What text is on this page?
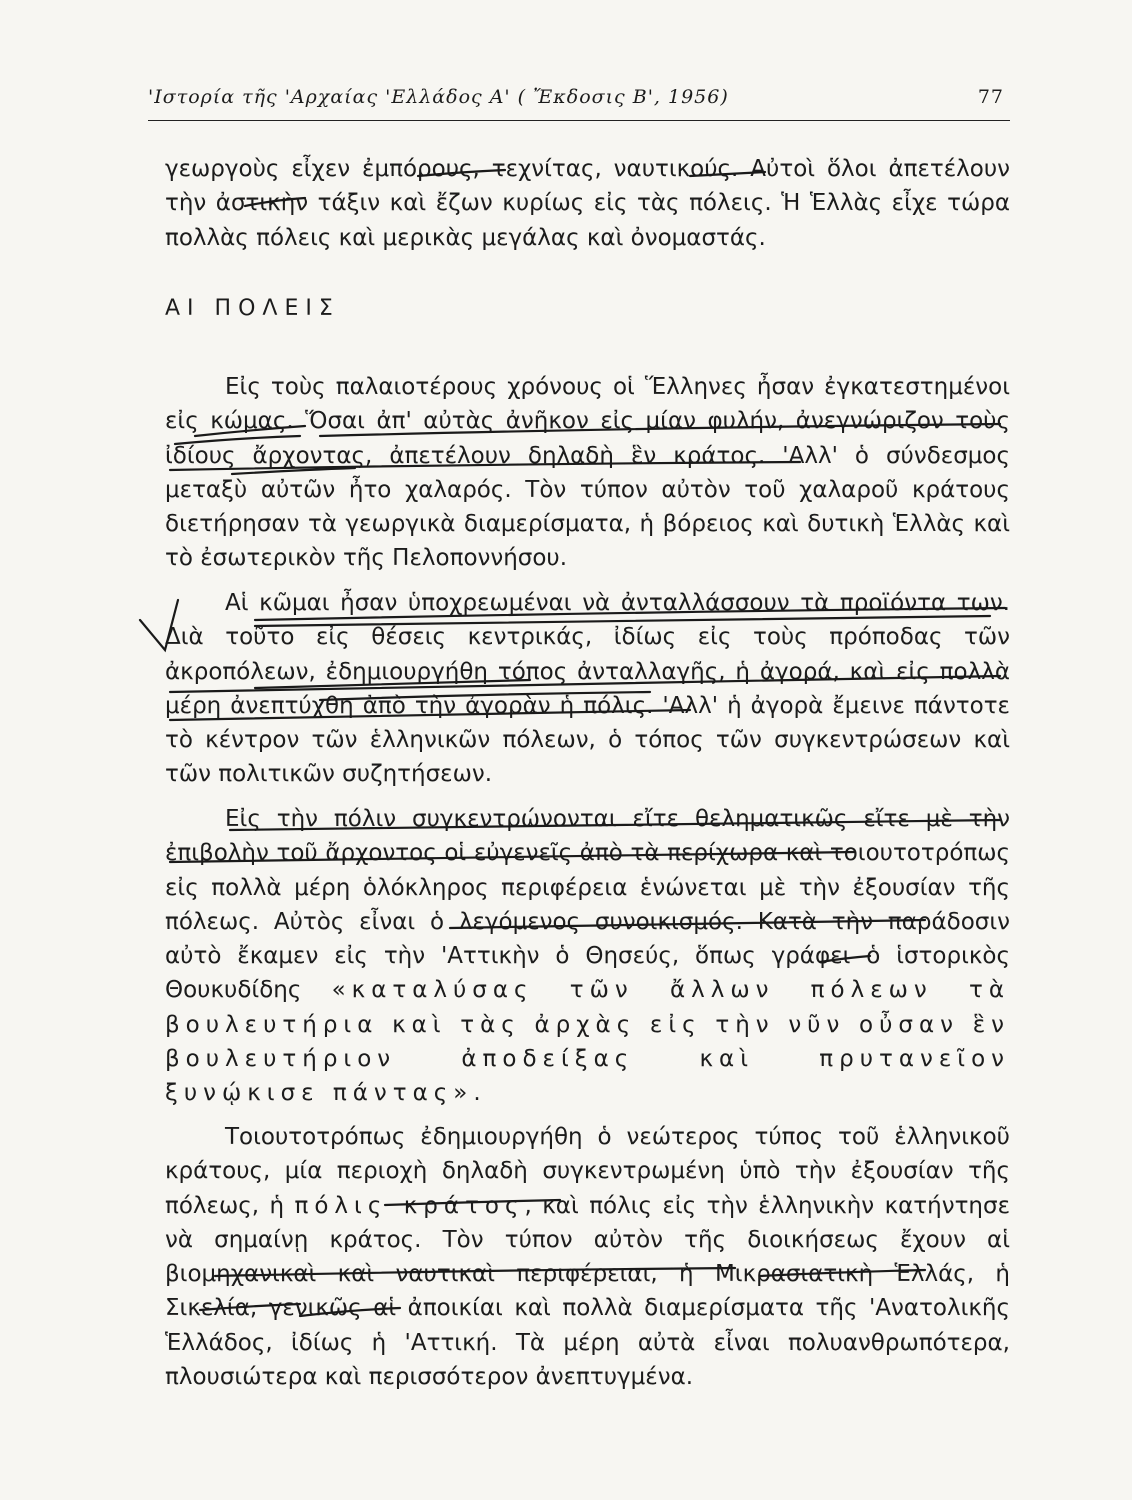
'Ιστορία τῆς 'Αρχαίας 'Ελλάδος Α' ( Ἔκδοσις Β', 1956)	77

γεωργοὺς εἶχεν ἐμπόρους, τεχνίτας, ναυτικούς. Αὐτοὶ ὅλοι ἀπετέλουν τὴν ἀστικὴν τάξιν καὶ ἔζων κυρίως εἰς τὰς πόλεις. Ἡ Ἑλλὰς εἶχε τώρα πολλὰς πόλεις καὶ μερικὰς μεγάλας καὶ ὀνομαστάς.

ΑΙ ΠΟΛΕΙΣ

Εἰς τοὺς παλαιοτέρους χρόνους οἱ Ἕλληνες ἦσαν ἐγκατεστημένοι εἰς κώμας. Ὅσαι ἀπ' αὐτὰς ἀνῆκον εἰς μίαν φυλήν, ἀνεγνώριζον τοὺς ἰδίους ἄρχοντας, ἀπετέλουν δηλαδὴ ἓν κράτος. 'Αλλ' ὁ σύνδεσμος μεταξὺ αὐτῶν ἦτο χαλαρός. Τὸν τύπον αὐτὸν τοῦ χαλαροῦ κράτους διετήρησαν τὰ γεωργικὰ διαμερίσματα, ἡ βόρειος καὶ δυτικὴ Ἑλλὰς καὶ τὸ ἐσωτερικὸν τῆς Πελοποννήσου.

Αἱ κῶμαι ἦσαν ὑποχρεωμέναι νὰ ἀνταλλάσσουν τὰ προϊόντα των. Διὰ τοῦτο εἰς θέσεις κεντρικάς, ἰδίως εἰς τοὺς πρόποδας τῶν ἀκροπόλεων, ἐδημιουργήθη τόπος ἀνταλλαγῆς, ἡ ἀγορά, καὶ εἰς πολλὰ μέρη ἀνεπτύχθη ἀπὸ τὴν ἀγορὰν ἡ πόλις. 'Αλλ' ἡ ἀγορὰ ἔμεινε πάντοτε τὸ κέντρον τῶν ἑλληνικῶν πόλεων, ὁ τόπος τῶν συγκεντρώσεων καὶ τῶν πολιτικῶν συζητήσεων.

Εἰς τὴν πόλιν συγκεντρώνονται εἴτε θεληματικῶς εἴτε μὲ τὴν ἐπιβολὴν τοῦ ἄρχοντος οἱ εὐγενεῖς ἀπὸ τὰ περίχωρα καὶ τοιουτοτρόπως εἰς πολλὰ μέρη ὁλόκληρος περιφέρεια ἑνώνεται μὲ τὴν ἐξουσίαν τῆς πόλεως. Αὐτὸς εἶναι ὁ λεγόμενος συνοικισμός. Κατὰ τὴν παράδοσιν αὐτὸ ἔκαμεν εἰς τὴν 'Αττικὴν ὁ Θησεύς, ὅπως γράφει ὁ ἱστορικὸς Θουκυδίδης «καταλύσας τῶν ἄλλων πόλεων τὰ βουλευτήρια καὶ τὰς ἀρχὰς εἰς τὴν νῦν οὖσαν ἓν βουλευτήριον ἀποδείξας καὶ πρυτανεῖον ξυνῴκισε πάντας».

Τοιουτοτρόπως ἐδημιουργήθη ὁ νεώτερος τύπος τοῦ ἑλληνικοῦ κράτους, μία περιοχὴ δηλαδὴ συγκεντρωμένη ὑπὸ τὴν ἐξουσίαν τῆς πόλεως, ἡ πόλις κράτος, καὶ πόλις εἰς τὴν ἑλληνικὴν κατήντησε νὰ σημαίνῃ κράτος. Τὸν τύπον αὐτὸν τῆς διοικήσεως ἔχουν αἱ βιομηχανικαὶ καὶ ναυτικαὶ περιφέρειαι, ἡ Μικρασιατικὴ Ἑλλάς, ἡ Σικελία, γενικῶς αἱ ἀποικίαι καὶ πολλὰ διαμερίσματα τῆς 'Ανατολικῆς Ἑλλάδος, ἰδίως ἡ 'Αττική. Τὰ μέρη αὐτὰ εἶναι πολυανθρωπότερα, πλουσιώτερα καὶ περισσότερον ἀνεπτυγμένα.
